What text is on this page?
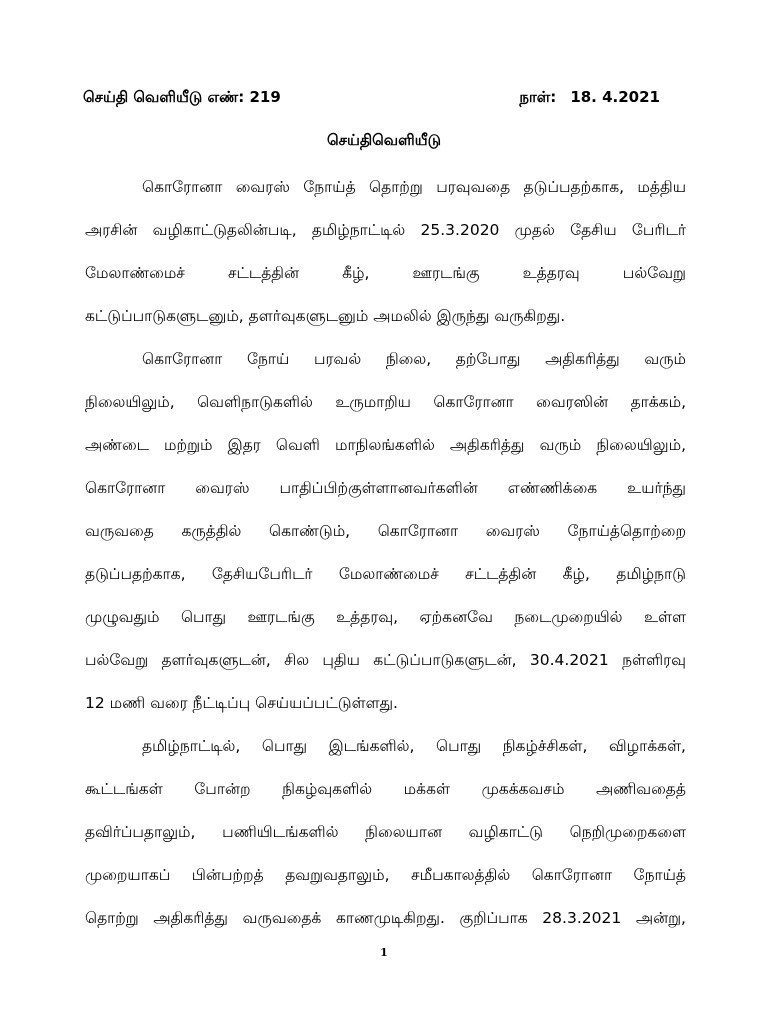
செய்தி வெளியீடு எண்: 219	நாள்: 18. 4.2021
செய்திவெளியீடு
கொரோனா வைரஸ் நோய்த் தொற்று பரவுவதை தடுப்பதற்காக, மத்திய
அரசின் வழிகாட்டுதலின்படி, தமிழ்நாட்டில் 25.3.2020 முதல் தேசிய பேரிடர்
மேலாண்மைச் சட்டத்தின் கீழ், ஊரடங்கு உத்தரவு பல்வேறு
கட்டுப்பாடுகளுடனும், தளர்வுகளுடனும் அமலில் இருந்து வருகிறது.
கொரோனா நோய் பரவல் நிலை, தற்போது அதிகரித்து வரும்
நிலையிலும், வெளிநாடுகளில் உருமாறிய கொரோனா வைரஸின் தாக்கம்,
அண்டை மற்றும் இதர வெளி மாநிலங்களில் அதிகரித்து வரும் நிலையிலும்,
கொரோனா வைரஸ் பாதிப்பிற்குள்ளானவர்களின் எண்ணிக்கை உயர்ந்து
வருவதை கருத்தில் கொண்டும், கொரோனா வைரஸ் நோய்த்தொற்றை
தடுப்பதற்காக, தேசியபேரிடர் மேலாண்மைச் சட்டத்தின் கீழ், தமிழ்நாடு
முழுவதும் பொது ஊரடங்கு உத்தரவு, ஏற்கனவே நடைமுறையில் உள்ள
பல்வேறு தளர்வுகளுடன், சில புதிய கட்டுப்பாடுகளுடன், 30.4.2021 நள்ளிரவு
12 மணி வரை நீட்டிப்பு செய்யப்பட்டுள்ளது.
தமிழ்நாட்டில், பொது இடங்களில், பொது நிகழ்ச்சிகள், விழாக்கள்,
கூட்டங்கள் போன்ற நிகழ்வுகளில் மக்கள் முகக்கவசம் அணிவதைத்
தவிர்ப்பதாலும், பணியிடங்களில் நிலையான வழிகாட்டு நெறிமுறைகளை
முறையாகப் பின்பற்றத் தவறுவதாலும், சமீபகாலத்தில் கொரோனா நோய்த்
தொற்று அதிகரித்து வருவதைக் காணமுடிகிறது. குறிப்பாக 28.3.2021 அன்று,
1
